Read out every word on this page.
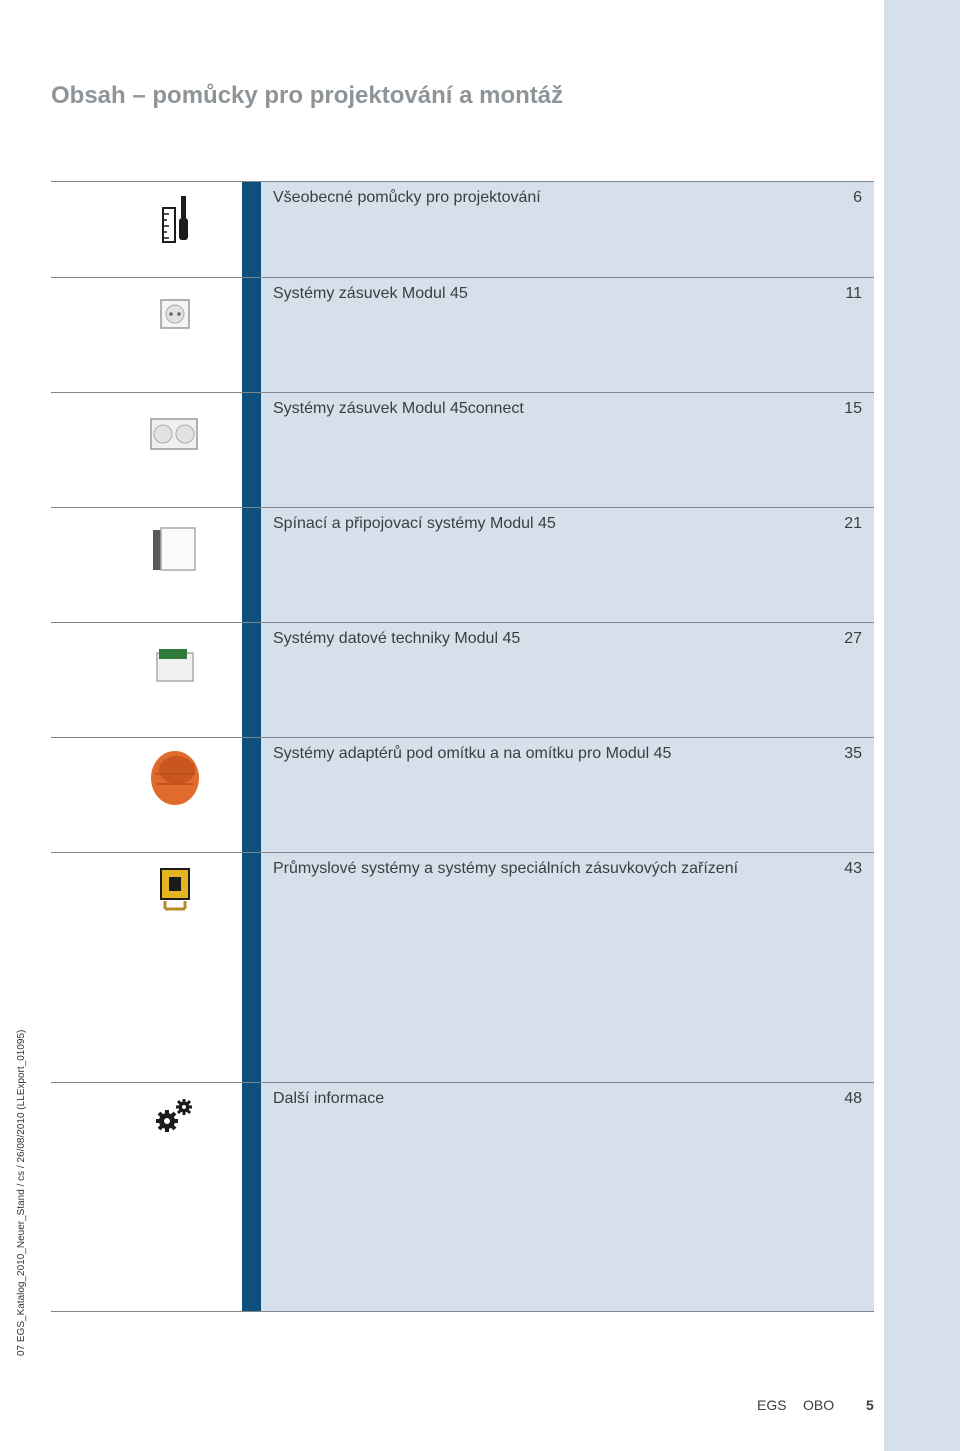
Obsah – pomůcky pro projektování a montáž
Všeobecné pomůcky pro projektování	6
Systémy zásuvek Modul 45	11
Systémy zásuvek Modul 45connect	15
Spínací a připojovací systémy Modul 45	21
Systémy datové techniky Modul 45	27
Systémy adaptérů pod omítku a na omítku pro Modul 45	35
Průmyslové systémy a systémy speciálních zásuvkových zařízení	43
Další informace	48
07 EGS_Katalog_2010_Neuer_Stand / cs / 26/08/2010 (LLExport_01095)
EGS OBO 5
